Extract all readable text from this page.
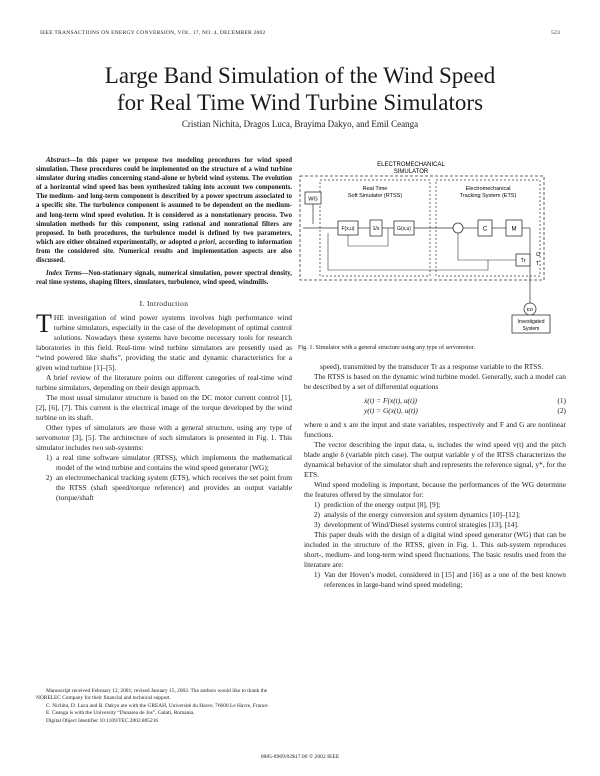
IEEE TRANSACTIONS ON ENERGY CONVERSION, VOL. 17, NO. 4, DECEMBER 2002	523
Large Band Simulation of the Wind Speed
for Real Time Wind Turbine Simulators
Cristian Nichita, Dragos Luca, Brayima Dakyo, and Emil Ceanga

Abstract—In this paper we propose two modeling procedures for wind speed simulation. These procedures could be implemented on the structure of a wind turbine simulator during studies concerning stand-alone or hybrid wind systems. The evolution of a horizontal wind speed has been synthesized taking into account two components. The medium- and long-term component is described by a power spectrum associated to a specific site. The turbulence component is assumed to be dependent on the medium- and long-term wind speed evolution. It is considered as a nonstationary process. Two simulation methods for this component, using rational and nonrational filters are proposed. In both procedures, the turbulence model is defined by two parameters, which are either obtained experimentally, or adopted a priori, according to information from the considered site. Numerical results and implementation aspects are also discussed.

Index Terms—Non-stationary signals, numerical simulation, power spectral density, real time systems, shaping filters, simulators, turbulence, wind speed, windmills.

I. Introduction

THE investigation of wind power systems involves high performance wind turbine simulators, especially in the case of the development of optimal control solutions. Nowadays these systems have become necessary tools for research laboratories in this field. Real-time wind turbine simulators are presently used as “wind powered like shafts”, providing the static and dynamic characteristics for a given wind turbine [1]–[5].

A brief review of the literature points out different categories of real-time wind turbine simulators, depending on their design approach.

The most usual simulator structure is based on the DC motor current control [1], [2], [6], [7]. This current is the electrical image of the torque developed by the wind turbine on its shaft.

Other types of simulators are those with a general structure, using any type of servomotor [3], [5]. The architecture of such simulators is presented in Fig. 1. This simulator includes two sub-systems:

1) a real time software simulator (RTSS), which implements the mathematical model of the wind turbine and contains the wind speed generator (WG);
2) an electromechanical tracking system (ETS), which receives the set point from the RTSS (shaft speed/torque reference) and provides an output variable (torque/shaft
Manuscript received February 12, 2001; revised January 15, 2002. The authors would like to thank the NORELEC Company for their financial and technical support.
C. Nichita, D. Luca and B. Dakyo are with the GREAH, Université du Havre, 76600 Le Havre, France.
E. Ceanga is with the University “Dunarea de Jos”, Galati, Romania.
Digital Object Identifier 10.1109/TEC.2002.805216
ELECTROMECHANICAL
SIMULATOR
Real Time
Soft Simulator (RTSS)
Electromechanical
Tracking System (ETS)
WG
F(x,u)	1/s	G(x,u)	C	M
Tr
Ω
T
EG
Investigated
System
Fig. 1. Simulator with a general structure using any type of servomotor.

speed), transmitted by the transducer Tr as a response variable to the RTSS.

The RTSS is based on the dynamic wind turbine model. Generally, such a model can be described by a set of differential equations

ẋ(t) = F(x(t), u(t))	(1)
y(t) = G(x(t), u(t))	(2)

where u and x are the input and state variables, respectively and F and G are nonlinear functions.

The vector describing the input data, u, includes the wind speed v(t) and the pitch blade angle δ (variable pitch case). The output variable y of the RTSS characterizes the dynamical behavior of the simulator shaft and represents the reference signal, y*, for the ETS.

Wind speed modeling is important, because the performances of the WG determine the features offered by the simulator for:

1) prediction of the energy output [8], [9];
2) analysis of the energy conversion and system dynamics [10]–[12];
3) development of Wind/Diesel systems control strategies [13], [14].

This paper deals with the design of a digital wind speed generator (WG) that can be included in the structure of the RTSS, given in Fig. 1. This sub-system reproduces short-, medium- and long-term wind speed fluctuations. The basic results used from the literature are:

1) Van der Hoven’s model, considered in [15] and [16] as a one of the best known references in large-band wind speed modeling;
0885-8969/02$17.00 © 2002 IEEE
